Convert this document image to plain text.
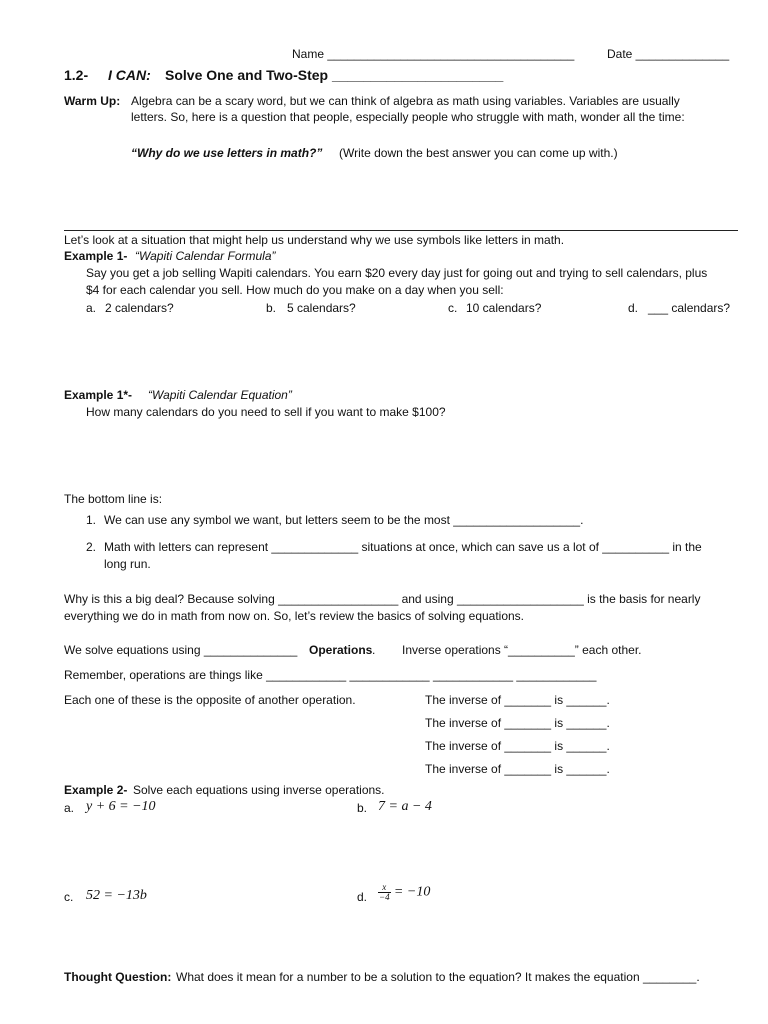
Name _____________________________________	Date ______________
1.2- I CAN: Solve One and Two-Step ______________________
Warm Up: Algebra can be a scary word, but we can think of algebra as math using variables. Variables are usually
letters. So, here is a question that people, especially people who struggle with math, wonder all the time:
“Why do we use letters in math?” (Write down the best answer you can come up with.)
Let’s look at a situation that might help us understand why we use symbols like letters in math.
Example 1- “Wapiti Calendar Formula”
Say you get a job selling Wapiti calendars. You earn $20 every day just for going out and trying to sell calendars, plus
$4 for each calendar you sell. How much do you make on a day when you sell:
a. 2 calendars?	b. 5 calendars?	c. 10 calendars?	d. ___ calendars?
Example 1*- “Wapiti Calendar Equation”
How many calendars do you need to sell if you want to make $100?
The bottom line is:
1. We can use any symbol we want, but letters seem to be the most ___________________.
2. Math with letters can represent _____________ situations at once, which can save us a lot of __________ in the
long run.
Why is this a big deal? Because solving __________________ and using ___________________ is the basis for nearly
everything we do in math from now on. So, let’s review the basics of solving equations.
We solve equations using ______________ Operations . Inverse operations “__________” each other.
Remember, operations are things like ____________ ____________ ____________ ____________
Each one of these is the opposite of another operation.	The inverse of _______ is ______.
The inverse of _______ is ______.
The inverse of _______ is ______.
The inverse of _______ is ______.
Example 2- Solve each equations using inverse operations.
a. y + 6 = −10	b. 7 = a − 4
c. 52 = −13b	d. $\frac{x}{-4} = -10$
Thought Question: What does it mean for a number to be a solution to the equation? It makes the equation ________.
